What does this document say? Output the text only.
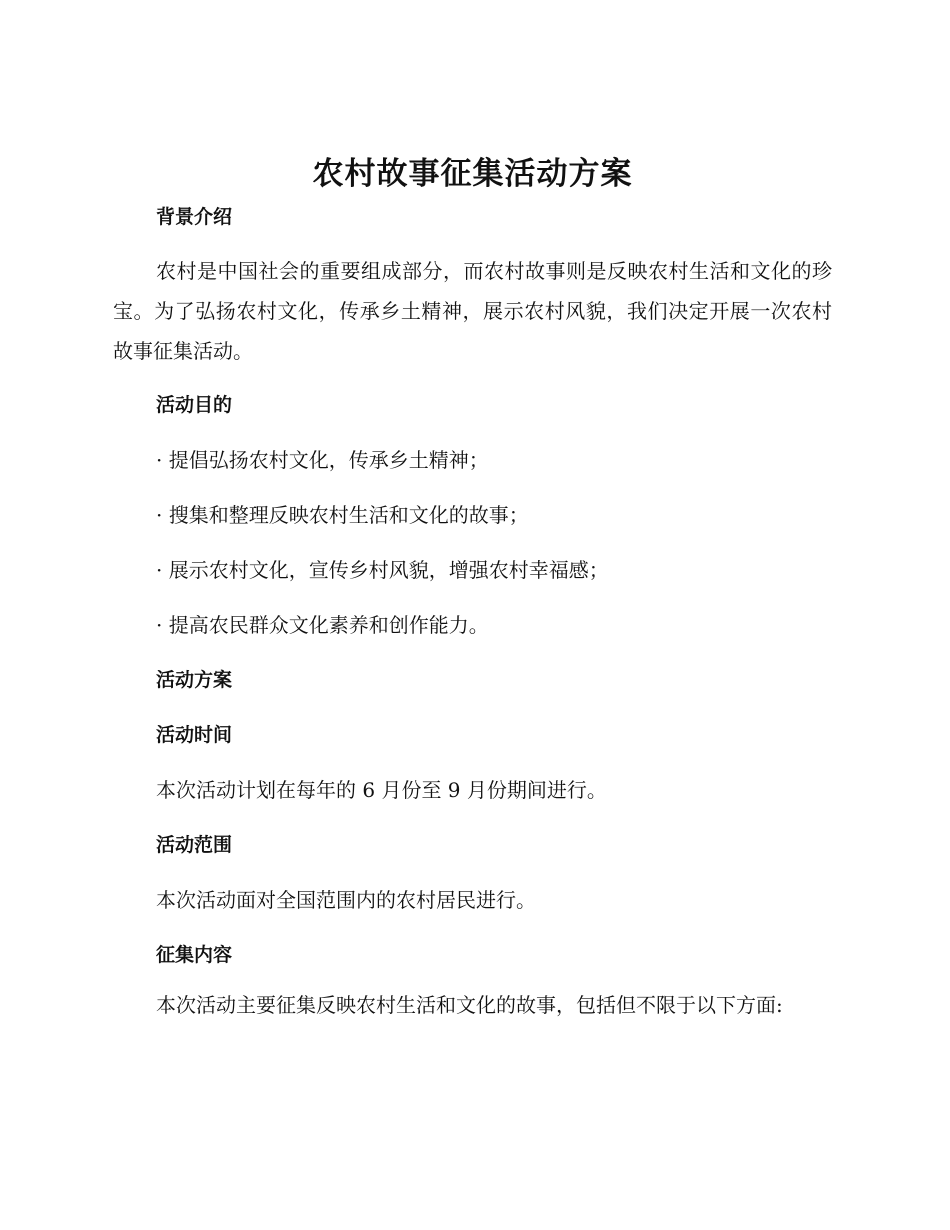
农村故事征集活动方案
背景介绍

农村是中国社会的重要组成部分，而农村故事则是反映农村生活和文化的珍宝。为了弘扬农村文化，传承乡土精神，展示农村风貌，我们决定开展一次农村故事征集活动。

活动目的
· 提倡弘扬农村文化，传承乡土精神；
· 搜集和整理反映农村生活和文化的故事；
· 展示农村文化，宣传乡村风貌，增强农村幸福感；
· 提高农民群众文化素养和创作能力。
活动方案
活动时间

本次活动计划在每年的 6 月份至 9 月份期间进行。

活动范围

本次活动面对全国范围内的农村居民进行。

征集内容

本次活动主要征集反映农村生活和文化的故事，包括但不限于以下方面:
